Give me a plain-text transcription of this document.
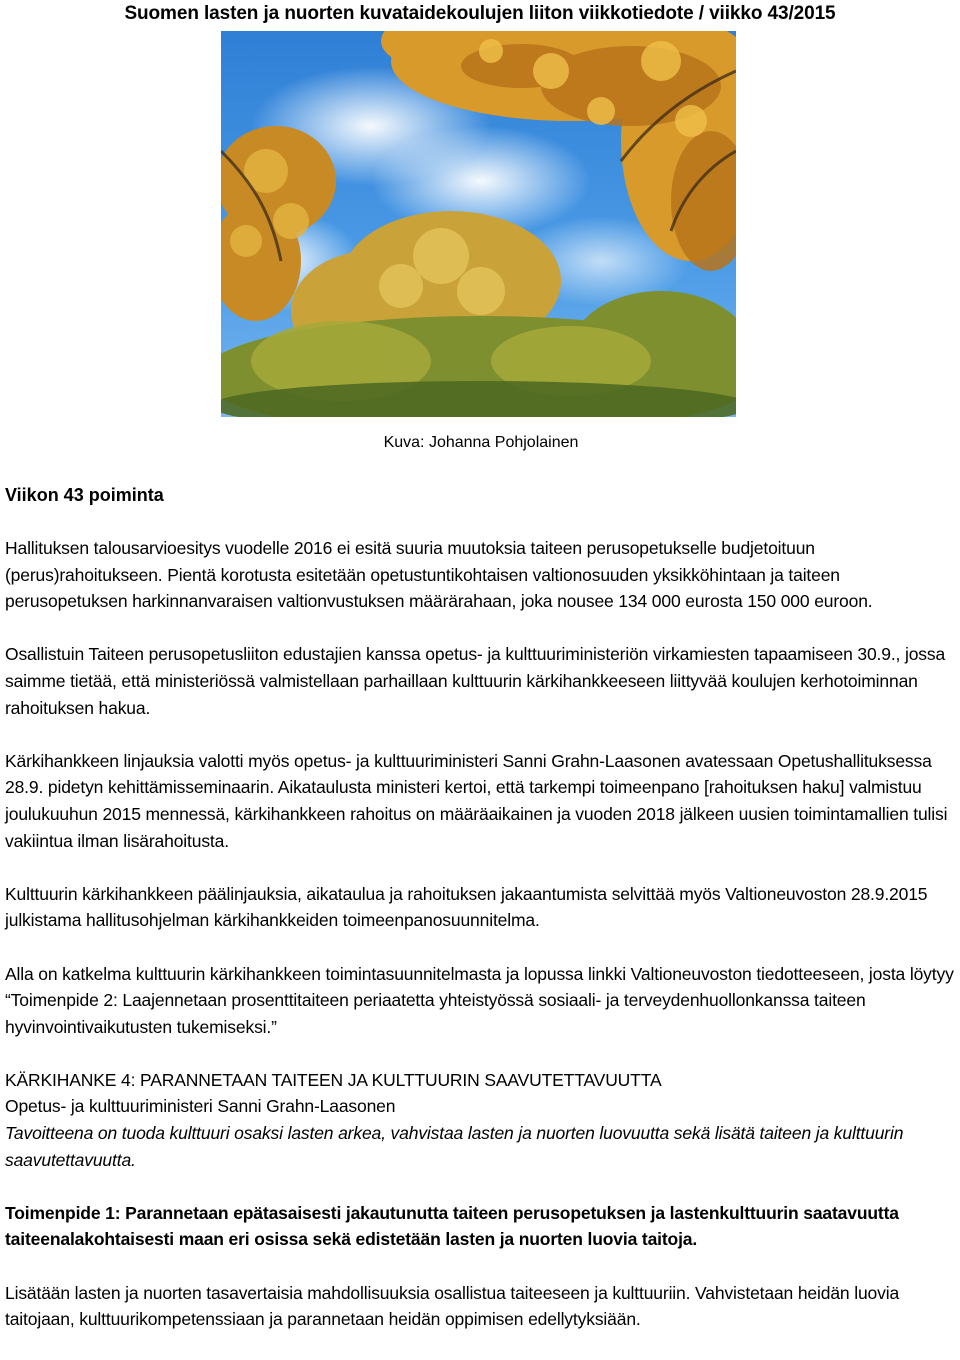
Suomen lasten ja nuorten kuvataidekoulujen liiton viikkotiedote / viikko 43/2015
Kuva: Johanna Pohjolainen
Viikon 43 poiminta

Hallituksen talousarvioesitys vuodelle 2016 ei esitä suuria muutoksia taiteen perusopetukselle budjetoituun (perus)rahoitukseen. Pientä korotusta esitetään opetustuntikohtaisen valtionosuuden yksikköhintaan ja taiteen perusopetuksen harkinnanvaraisen valtionvustuksen määrärahaan, joka nousee 134 000 eurosta 150 000 euroon.

Osallistuin Taiteen perusopetusliiton edustajien kanssa opetus- ja kulttuuriministeriön virkamiesten tapaamiseen 30.9., jossa saimme tietää, että ministeriössä valmistellaan parhaillaan kulttuurin kärkihankkeeseen liittyvää koulujen kerhotoiminnan rahoituksen hakua.

Kärkihankkeen linjauksia valotti myös opetus- ja kulttuuriministeri Sanni Grahn-Laasonen avatessaan Opetushallituksessa 28.9. pidetyn kehittämisseminaarin. Aikataulusta ministeri kertoi, että tarkempi toimeenpano [rahoituksen haku] valmistuu joulukuuhun 2015 mennessä, kärkihankkeen rahoitus on määräaikainen ja vuoden 2018 jälkeen uusien toimintamallien tulisi vakiintua ilman lisärahoitusta.

Kulttuurin kärkihankkeen päälinjauksia, aikataulua ja rahoituksen jakaantumista selvittää myös Valtioneuvoston 28.9.2015 julkistama hallitusohjelman kärkihankkeiden toimeenpanosuunnitelma.

Alla on katkelma kulttuurin kärkihankkeen toimintasuunnitelmasta ja lopussa linkki Valtioneuvoston tiedotteeseen, josta löytyy “Toimenpide 2: Laajennetaan prosenttitaiteen periaatetta yhteistyössä sosiaali- ja terveydenhuollonkanssa taiteen hyvinvointivaikutusten tukemiseksi.”

KÄRKIHANKE 4: PARANNETAAN TAITEEN JA KULTTUURIN SAAVUTETTAVUUTTA

Opetus- ja kulttuuriministeri Sanni Grahn-Laasonen

Tavoitteena on tuoda kulttuuri osaksi lasten arkea, vahvistaa lasten ja nuorten luovuutta sekä lisätä taiteen ja kulttuurin saavutettavuutta.

Toimenpide 1: Parannetaan epätasaisesti jakautunutta taiteen perusopetuksen ja lastenkulttuurin saatavuutta taiteenalakohtaisesti maan eri osissa sekä edistetään lasten ja nuorten luovia taitoja.

Lisätään lasten ja nuorten tasavertaisia mahdollisuuksia osallistua taiteeseen ja kulttuuriin. Vahvistetaan heidän luovia taitojaan, kulttuurikompetenssiaan ja parannetaan heidän oppimisen edellytyksiään.
